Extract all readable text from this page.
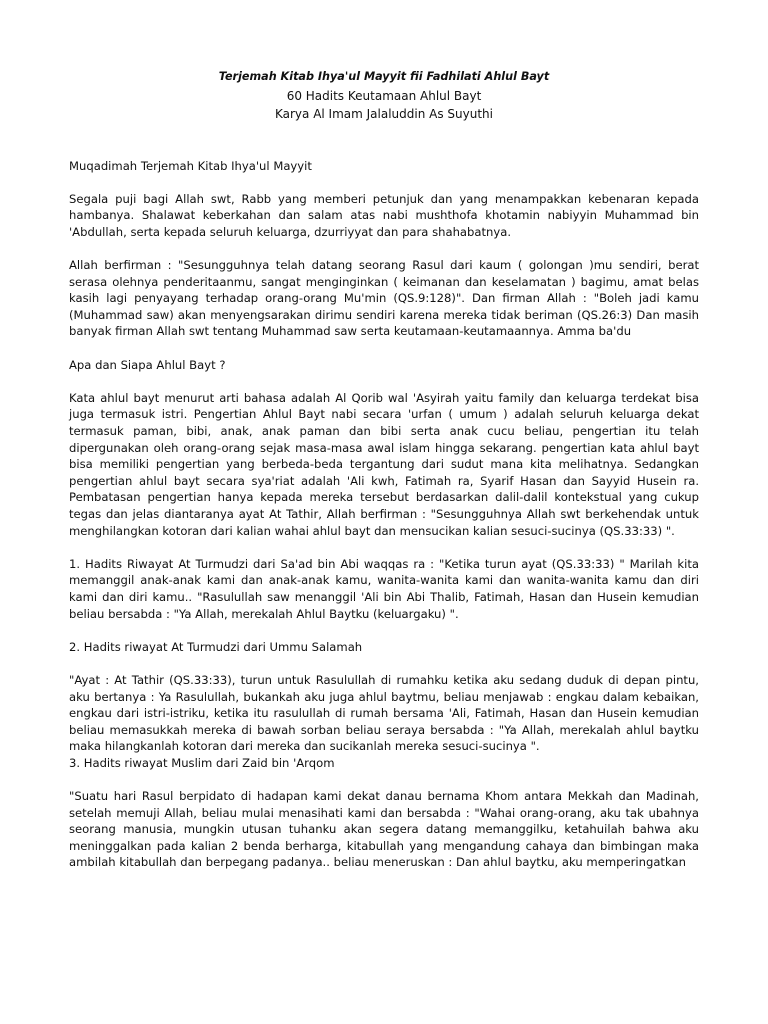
Terjemah Kitab Ihya'ul Mayyit fii Fadhilati Ahlul Bayt
60 Hadits Keutamaan Ahlul Bayt
Karya Al Imam Jalaluddin As Suyuthi
Muqadimah Terjemah Kitab Ihya'ul Mayyit
Segala puji bagi Allah swt, Rabb yang memberi petunjuk dan yang menampakkan kebenaran kepada hambanya. Shalawat keberkahan dan salam atas nabi mushthofa khotamin nabiyyin Muhammad bin 'Abdullah, serta kepada seluruh keluarga, dzurriyyat dan para shahabatnya.
Allah berfirman : "Sesungguhnya telah datang seorang Rasul dari kaum ( golongan )mu sendiri, berat serasa olehnya penderitaanmu, sangat menginginkan ( keimanan dan keselamatan ) bagimu, amat belas kasih lagi penyayang terhadap orang-orang Mu'min (QS.9:128)". Dan firman Allah : "Boleh jadi kamu (Muhammad saw) akan menyengsarakan dirimu sendiri karena mereka tidak beriman (QS.26:3) Dan masih banyak firman Allah swt tentang Muhammad saw serta keutamaan-keutamaannya. Amma ba'du
Apa dan Siapa Ahlul Bayt ?
Kata ahlul bayt menurut arti bahasa adalah Al Qorib wal 'Asyirah yaitu family dan keluarga terdekat bisa juga termasuk istri. Pengertian Ahlul Bayt nabi secara 'urfan ( umum ) adalah seluruh keluarga dekat termasuk paman, bibi, anak, anak paman dan bibi serta anak cucu beliau, pengertian itu telah dipergunakan oleh orang-orang sejak masa-masa awal islam hingga sekarang. pengertian kata ahlul bayt bisa memiliki pengertian yang berbeda-beda tergantung dari sudut mana kita melihatnya. Sedangkan pengertian ahlul bayt secara sya'riat adalah 'Ali kwh, Fatimah ra, Syarif Hasan dan Sayyid Husein ra. Pembatasan pengertian hanya kepada mereka tersebut berdasarkan dalil-dalil kontekstual yang cukup tegas dan jelas diantaranya ayat At Tathir, Allah berfirman : "Sesungguhnya Allah swt berkehendak untuk menghilangkan kotoran dari kalian wahai ahlul bayt dan mensucikan kalian sesuci-sucinya (QS.33:33) ".
1. Hadits Riwayat At Turmudzi dari Sa'ad bin Abi waqqas ra : "Ketika turun ayat (QS.33:33) " Marilah kita memanggil anak-anak kami dan anak-anak kamu, wanita-wanita kami dan wanita-wanita kamu dan diri kami dan diri kamu.. "Rasulullah saw menanggil 'Ali bin Abi Thalib, Fatimah, Hasan dan Husein kemudian beliau bersabda : "Ya Allah, merekalah Ahlul Baytku (keluargaku) ".
2. Hadits riwayat At Turmudzi dari Ummu Salamah
"Ayat : At Tathir (QS.33:33), turun untuk Rasulullah di rumahku ketika aku sedang duduk di depan pintu, aku bertanya : Ya Rasulullah, bukankah aku juga ahlul baytmu, beliau menjawab : engkau dalam kebaikan, engkau dari istri-istriku, ketika itu rasulullah di rumah bersama 'Ali, Fatimah, Hasan dan Husein kemudian beliau memasukkah mereka di bawah sorban beliau seraya bersabda : "Ya Allah, merekalah ahlul baytku maka hilangkanlah kotoran dari mereka dan sucikanlah mereka sesuci-sucinya ".
3. Hadits riwayat Muslim dari Zaid bin 'Arqom
"Suatu hari Rasul berpidato di hadapan kami dekat danau bernama Khom antara Mekkah dan Madinah, setelah memuji Allah, beliau mulai menasihati kami dan bersabda : "Wahai orang-orang, aku tak ubahnya seorang manusia, mungkin utusan tuhanku akan segera datang memanggilku, ketahuilah bahwa aku meninggalkan pada kalian 2 benda berharga, kitabullah yang mengandung cahaya dan bimbingan maka ambilah kitabullah dan berpegang padanya.. beliau meneruskan : Dan ahlul baytku, aku memperingatkan
